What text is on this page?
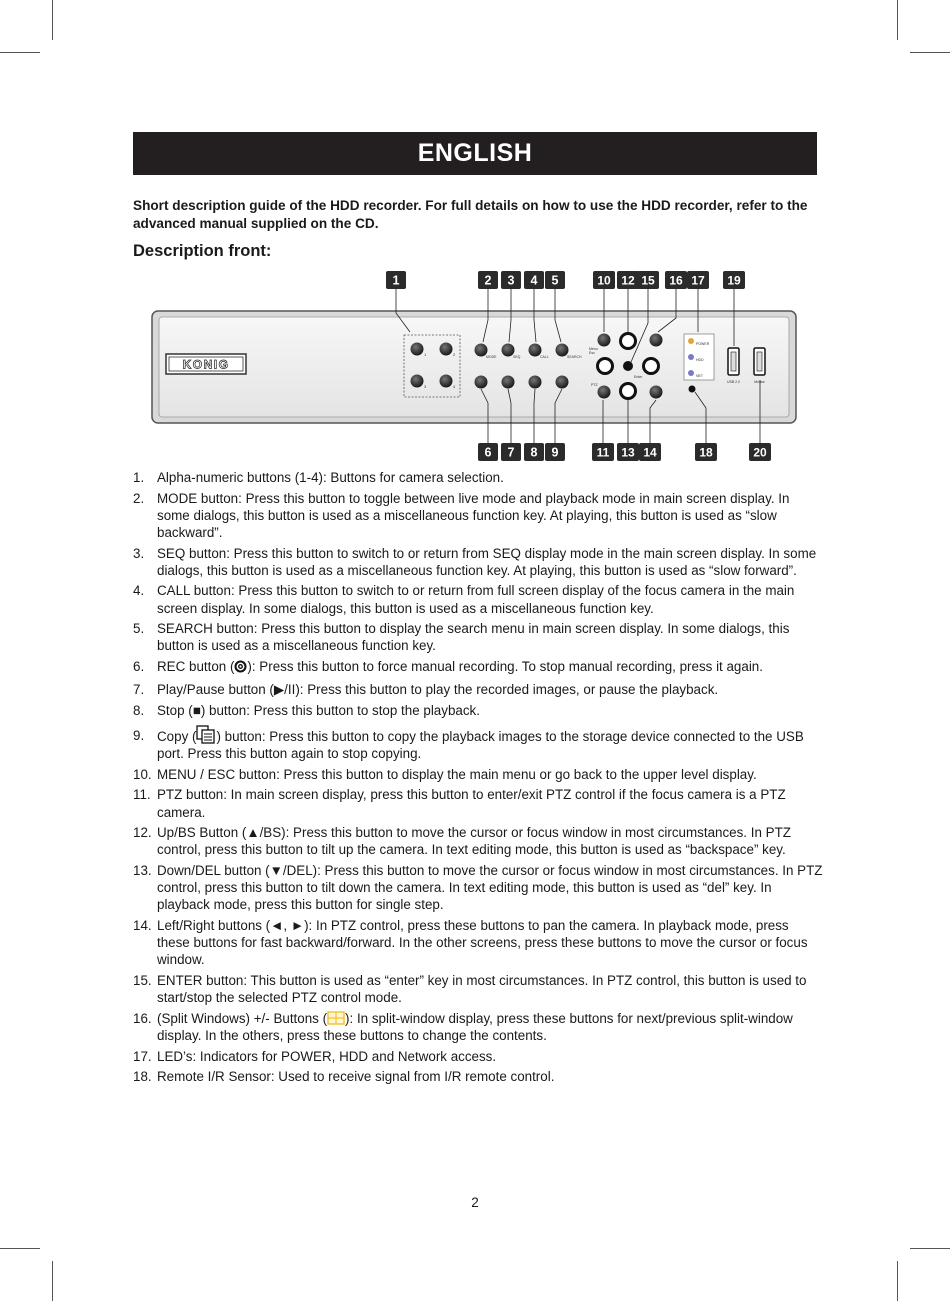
ENGLISH
Short description guide of the HDD recorder. For full details on how to use the HDD recorder, refer to the advanced manual supplied on the CD.
Description front:
KONIG
1	2
3	4
MODE	SEQ	CALL	SEARCH
Menu
Esc
PTZ
Enter
POWER
HDD
NET
USB 2.0	Mouse
1	2 3 4 5	10 12 15 16 17 19
6 7 8 9	11 13 14	18	20
1. Alpha-numeric buttons (1-4): Buttons for camera selection.
2. MODE button: Press this button to toggle between live mode and playback mode in main screen display. In some dialogs, this button is used as a miscellaneous function key. At playing, this button is used as “slow backward”.
3. SEQ button: Press this button to switch to or return from SEQ display mode in the main screen display. In some dialogs, this button is used as a miscellaneous function key. At playing, this button is used as “slow forward”.
4. CALL button: Press this button to switch to or return from full screen display of the focus camera in the main screen display. In some dialogs, this button is used as a miscellaneous function key.
5. SEARCH button: Press this button to display the search menu in main screen display. In some dialogs, this button is used as a miscellaneous function key.
6. REC button ( ): Press this button to force manual recording. To stop manual recording, press it again.
7. Play/Pause button (▶/II): Press this button to play the recorded images, or pause the playback.
8. Stop (■) button: Press this button to stop the playback.
9. Copy ( ) button: Press this button to copy the playback images to the storage device connected to the USB port. Press this button again to stop copying.
10. MENU / ESC button: Press this button to display the main menu or go back to the upper level display.
11. PTZ button: In main screen display, press this button to enter/exit PTZ control if the focus camera is a PTZ camera.
12. Up/BS Button (▲/BS): Press this button to move the cursor or focus window in most circumstances. In PTZ control, press this button to tilt up the camera. In text editing mode, this button is used as “backspace” key.
13. Down/DEL button (▼/DEL): Press this button to move the cursor or focus window in most circumstances. In PTZ control, press this button to tilt down the camera. In text editing mode, this button is used as “del” key. In playback mode, press this button for single step.
14. Left/Right buttons (◄, ►): In PTZ control, press these buttons to pan the camera. In playback mode, press these buttons for fast backward/forward. In the other screens, press these buttons to move the cursor or focus window.
15. ENTER button: This button is used as “enter” key in most circumstances. In PTZ control, this button is used to start/stop the selected PTZ control mode.
16. (Split Windows) +/- Buttons ( ): In split-window display, press these buttons for next/previous split-window display. In the others, press these buttons to change the contents.
17. LED’s: Indicators for POWER, HDD and Network access.
18. Remote I/R Sensor: Used to receive signal from I/R remote control.
2
